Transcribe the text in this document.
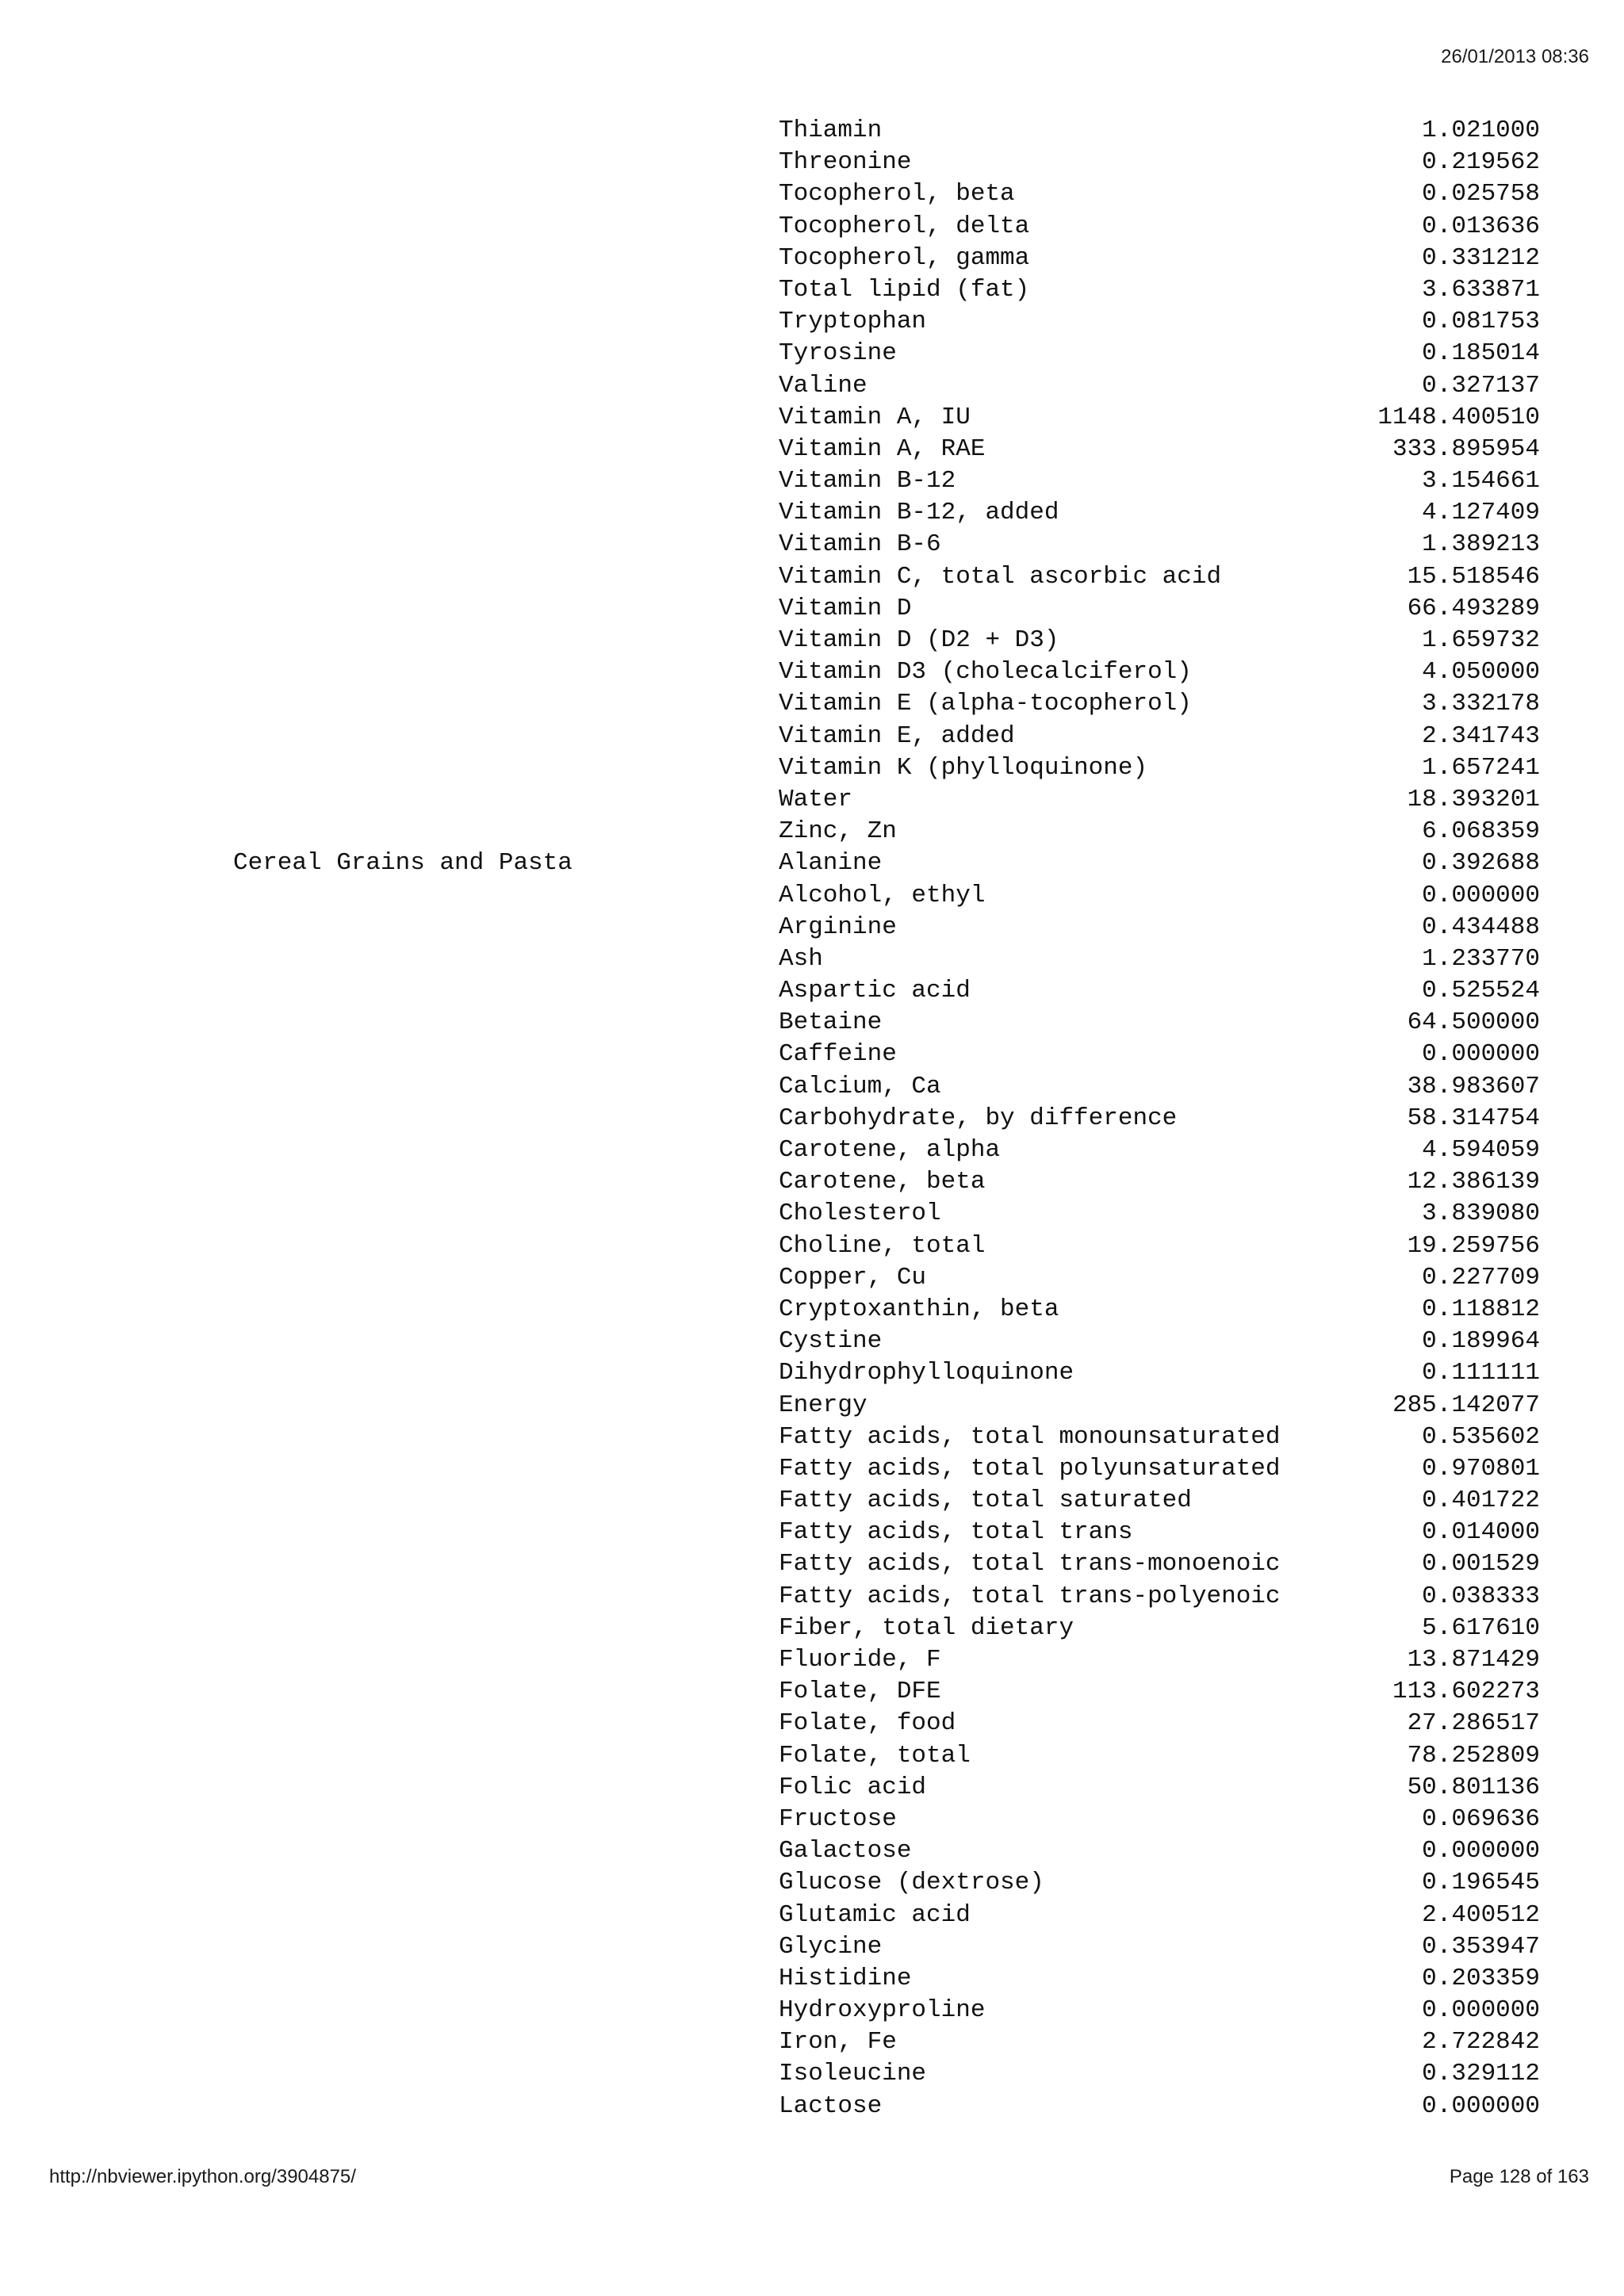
26/01/2013 08:36
Thiamin	1.021000
Threonine	0.219562
Tocopherol, beta	0.025758
Tocopherol, delta	0.013636
Tocopherol, gamma	0.331212
Total lipid (fat)	3.633871
Tryptophan	0.081753
Tyrosine	0.185014
Valine	0.327137
Vitamin A, IU	1148.400510
Vitamin A, RAE	333.895954
Vitamin B-12	3.154661
Vitamin B-12, added	4.127409
Vitamin B-6	1.389213
Vitamin C, total ascorbic acid	15.518546
Vitamin D	66.493289
Vitamin D (D2 + D3)	1.659732
Vitamin D3 (cholecalciferol)	4.050000
Vitamin E (alpha-tocopherol)	3.332178
Vitamin E, added	2.341743
Vitamin K (phylloquinone)	1.657241
Water	18.393201
Zinc, Zn	6.068359
Cereal Grains and Pasta	Alanine	0.392688
Alcohol, ethyl	0.000000
Arginine	0.434488
Ash	1.233770
Aspartic acid	0.525524
Betaine	64.500000
Caffeine	0.000000
Calcium, Ca	38.983607
Carbohydrate, by difference	58.314754
Carotene, alpha	4.594059
Carotene, beta	12.386139
Cholesterol	3.839080
Choline, total	19.259756
Copper, Cu	0.227709
Cryptoxanthin, beta	0.118812
Cystine	0.189964
Dihydrophylloquinone	0.111111
Energy	285.142077
Fatty acids, total monounsaturated	0.535602
Fatty acids, total polyunsaturated	0.970801
Fatty acids, total saturated	0.401722
Fatty acids, total trans	0.014000
Fatty acids, total trans-monoenoic	0.001529
Fatty acids, total trans-polyenoic	0.038333
Fiber, total dietary	5.617610
Fluoride, F	13.871429
Folate, DFE	113.602273
Folate, food	27.286517
Folate, total	78.252809
Folic acid	50.801136
Fructose	0.069636
Galactose	0.000000
Glucose (dextrose)	0.196545
Glutamic acid	2.400512
Glycine	0.353947
Histidine	0.203359
Hydroxyproline	0.000000
Iron, Fe	2.722842
Isoleucine	0.329112
Lactose	0.000000
http://nbviewer.ipython.org/3904875/	Page 128 of 163
